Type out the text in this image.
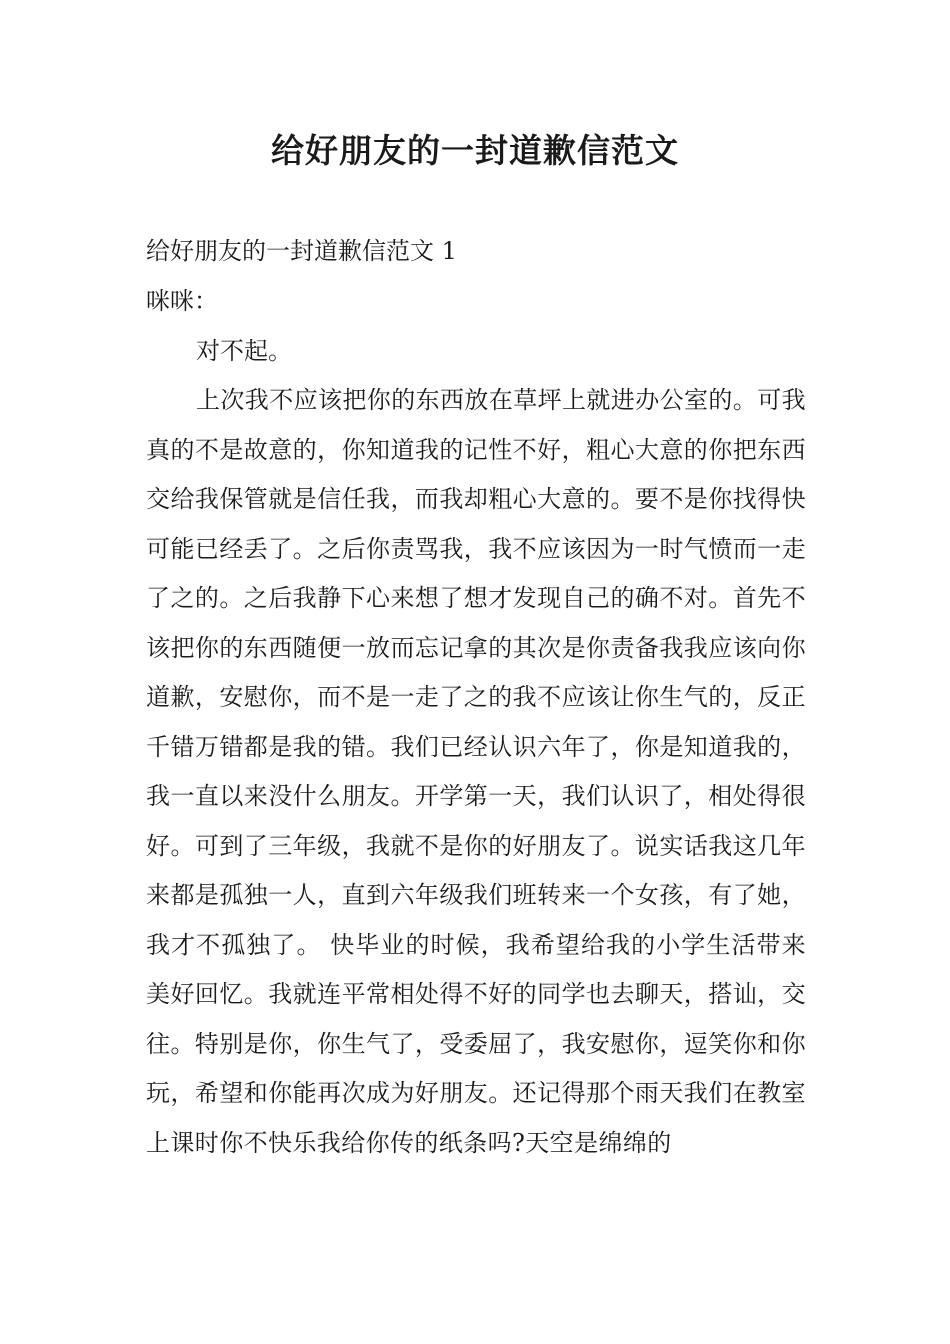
给好朋友的一封道歉信范文

给好朋友的一封道歉信范文 1

咪咪：

对不起。

上次我不应该把你的东西放在草坪上就进办公室的。可我真的不是故意的，你知道我的记性不好，粗心大意的你把东西交给我保管就是信任我，而我却粗心大意的。要不是你找得快可能已经丢了。之后你责骂我，我不应该因为一时气愤而一走了之的。之后我静下心来想了想才发现自己的确不对。首先不该把你的东西随便一放而忘记拿的其次是你责备我我应该向你道歉，安慰你，而不是一走了之的我不应该让你生气的，反正千错万错都是我的错。我们已经认识六年了，你是知道我的，我一直以来没什么朋友。开学第一天，我们认识了，相处得很好。可到了三年级，我就不是你的好朋友了。说实话我这几年来都是孤独一人，直到六年级我们班转来一个女孩，有了她，我才不孤独了。 快毕业的时候，我希望给我的小学生活带来美好回忆。我就连平常相处得不好的同学也去聊天，搭讪，交往。特别是你，你生气了，受委屈了，我安慰你，逗笑你和你玩，希望和你能再次成为好朋友。还记得那个雨天我们在教室上课时你不快乐我给你传的纸条吗?天空是绵绵的
